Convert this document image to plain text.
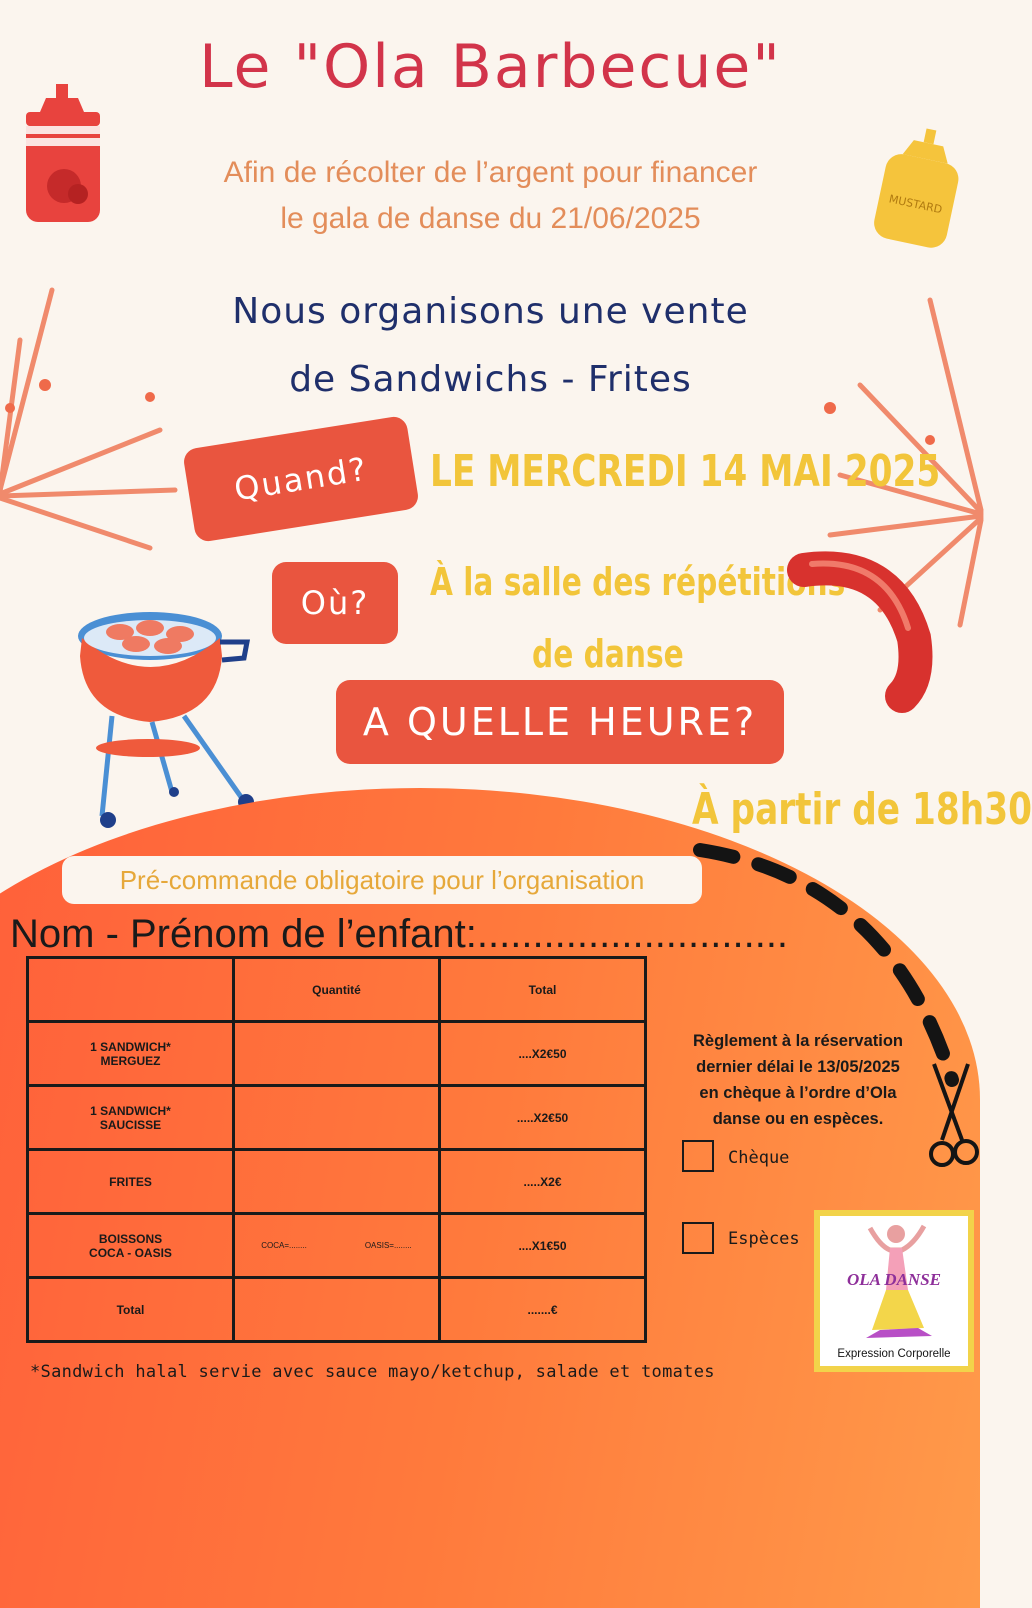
MUSTARD
Le "Ola Barbecue"
Afin de récolter de l’argent pour financer
le gala de danse du 21/06/2025
Nous organisons une vente
de Sandwichs - Frites
Quand? LE MERCREDI 14 MAI 2025
Où? À la salle des répétitions
de danse
A QUELLE HEURE?
À partir de 18h30
Pré-commande obligatoire pour l’organisation
Nom - Prénom de l’enfant:............................
	Quantité	Total

1 SANDWICH*
MERGUEZ		....X2€50

1 SANDWICH*
SAUCISSE		.....X2€50

FRITES		.....X2€

BOISSONS
COCA - OASIS	COCA=........ OASIS=........	....X1€50
Total		.......€
Règlement à la réservation
dernier délai le 13/05/2025
en chèque à l’ordre d’Ola
danse ou en espèces.
Chèque
Espèces
OLA DANSE
Expression Corporelle
*Sandwich halal servie avec sauce mayo/ketchup, salade et tomates
